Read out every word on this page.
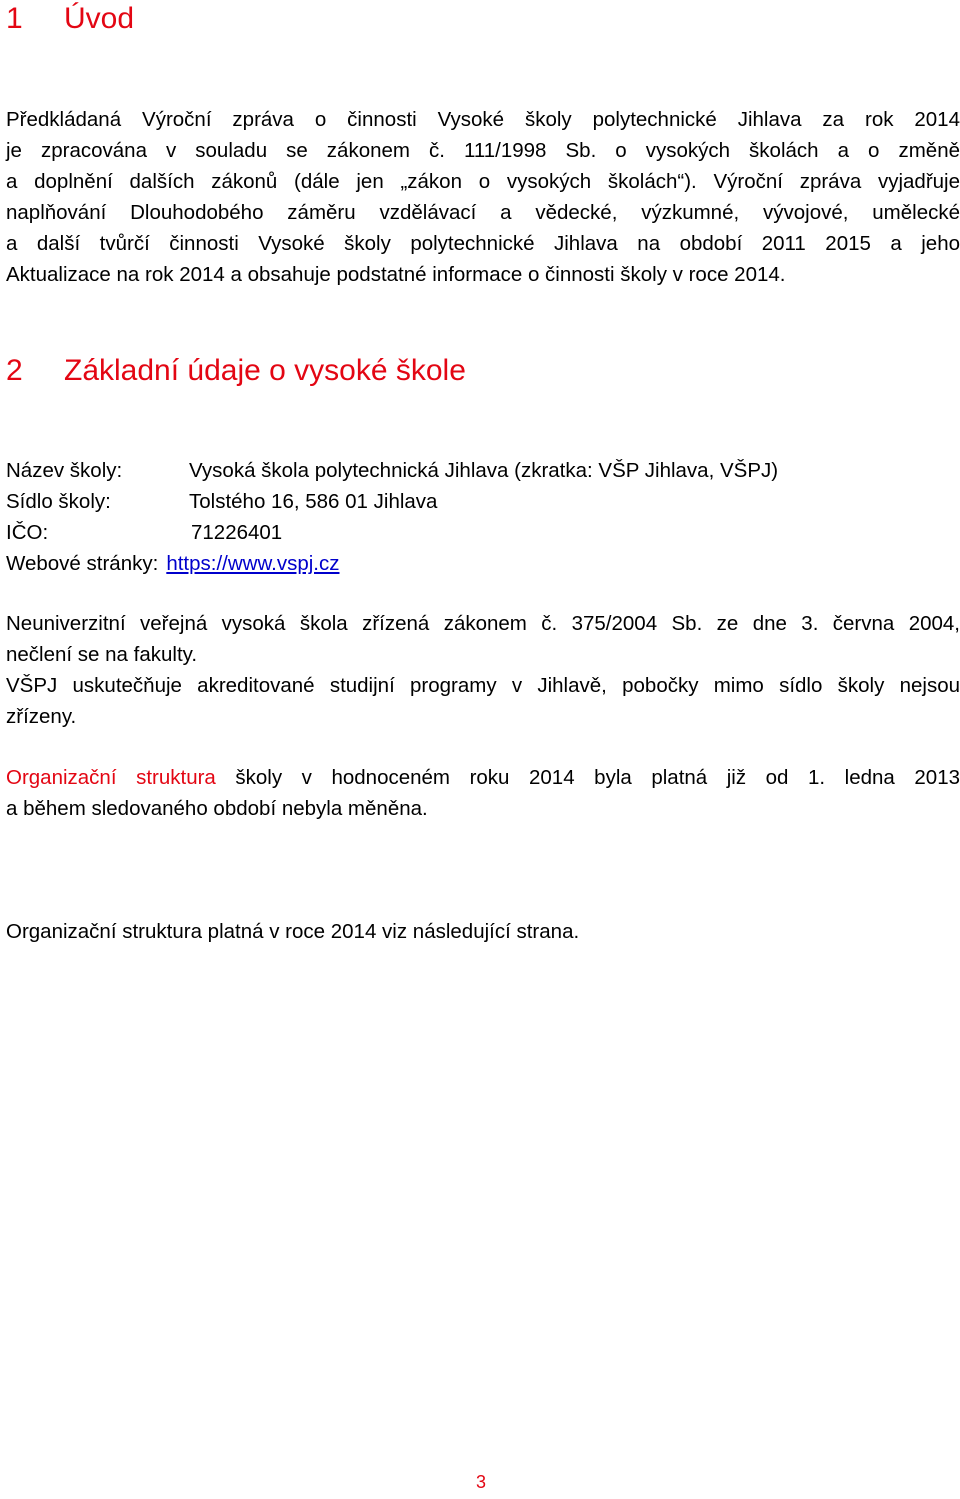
1 Úvod
Předkládaná Výroční zpráva o činnosti Vysoké školy polytechnické Jihlava za rok 2014
je zpracována v souladu se zákonem č. 111/1998 Sb. o vysokých školách a o změně
a doplnění dalších zákonů (dále jen „zákon o vysokých školách“). Výroční zpráva vyjadřuje
naplňování Dlouhodobého záměru vzdělávací a vědecké, výzkumné, vývojové, umělecké
a další tvůrčí činnosti Vysoké školy polytechnické Jihlava na období 2011 2015 a jeho
Aktualizace na rok 2014 a obsahuje podstatné informace o činnosti školy v roce 2014.
2 Základní údaje o vysoké škole
Název školy:	Vysoká škola polytechnická Jihlava (zkratka: VŠP Jihlava, VŠPJ)
Sídlo školy:	Tolstého 16, 586 01 Jihlava
IČO:	71226401
Webové stránky: https://www.vspj.cz
Neuniverzitní veřejná vysoká škola zřízená zákonem č. 375/2004 Sb. ze dne 3. června 2004,
nečlení se na fakulty.
VŠPJ uskutečňuje akreditované studijní programy v Jihlavě, pobočky mimo sídlo školy nejsou
zřízeny.
Organizační struktura školy v hodnoceném roku 2014 byla platná již od 1. ledna 2013
a během sledovaného období nebyla měněna.
Organizační struktura platná v roce 2014 viz následující strana.
3
